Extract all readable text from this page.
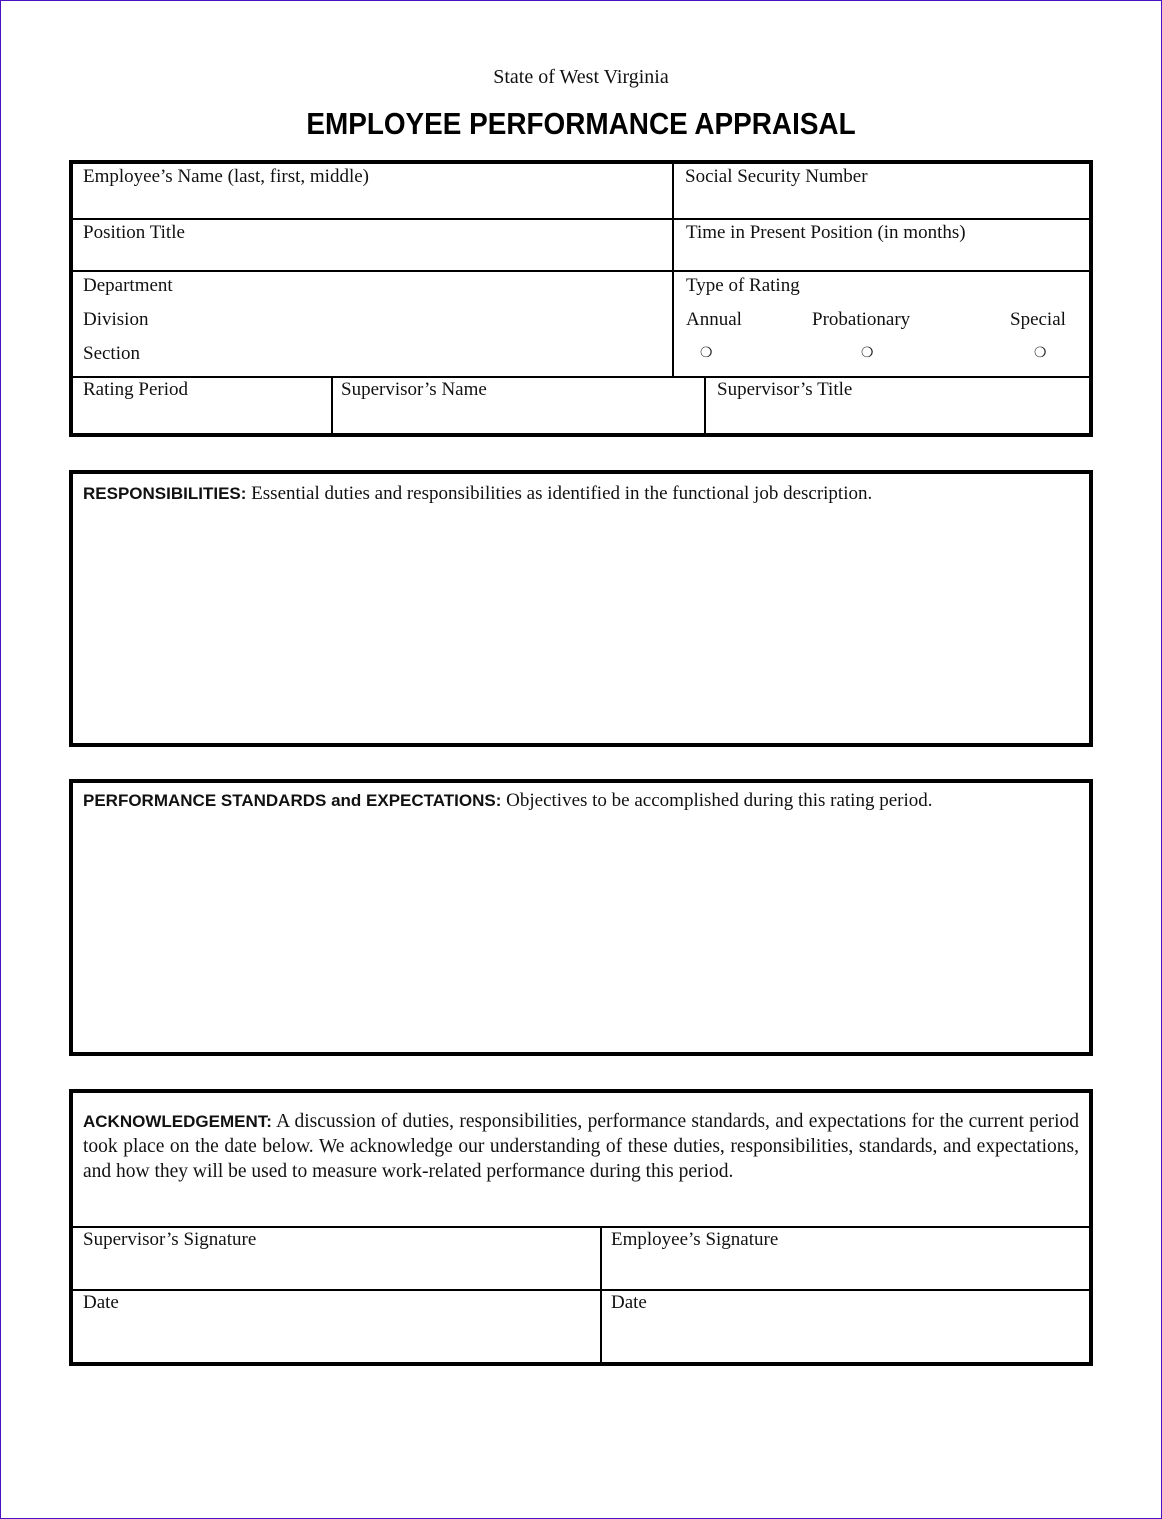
State of West Virginia
EMPLOYEE PERFORMANCE APPRAISAL
Employee’s Name (last, first, middle)	Social Security Number
Position Title	Time in Present Position (in months)
Department
Division
Section
Type of Rating
Annual	Probationary	Special
❍	❍	❍
Rating Period	Supervisor’s Name	Supervisor’s Title
RESPONSIBILITIES: Essential duties and responsibilities as identified in the functional job description.
PERFORMANCE STANDARDS and EXPECTATIONS: Objectives to be accomplished during this rating period.
ACKNOWLEDGEMENT: A discussion of duties, responsibilities, performance standards, and expectations for the current period took place on the date below. We acknowledge our understanding of these duties, responsibilities, standards, and expectations, and how they will be used to measure work-related performance during this period.
Supervisor’s Signature	Employee’s Signature
Date	Date
